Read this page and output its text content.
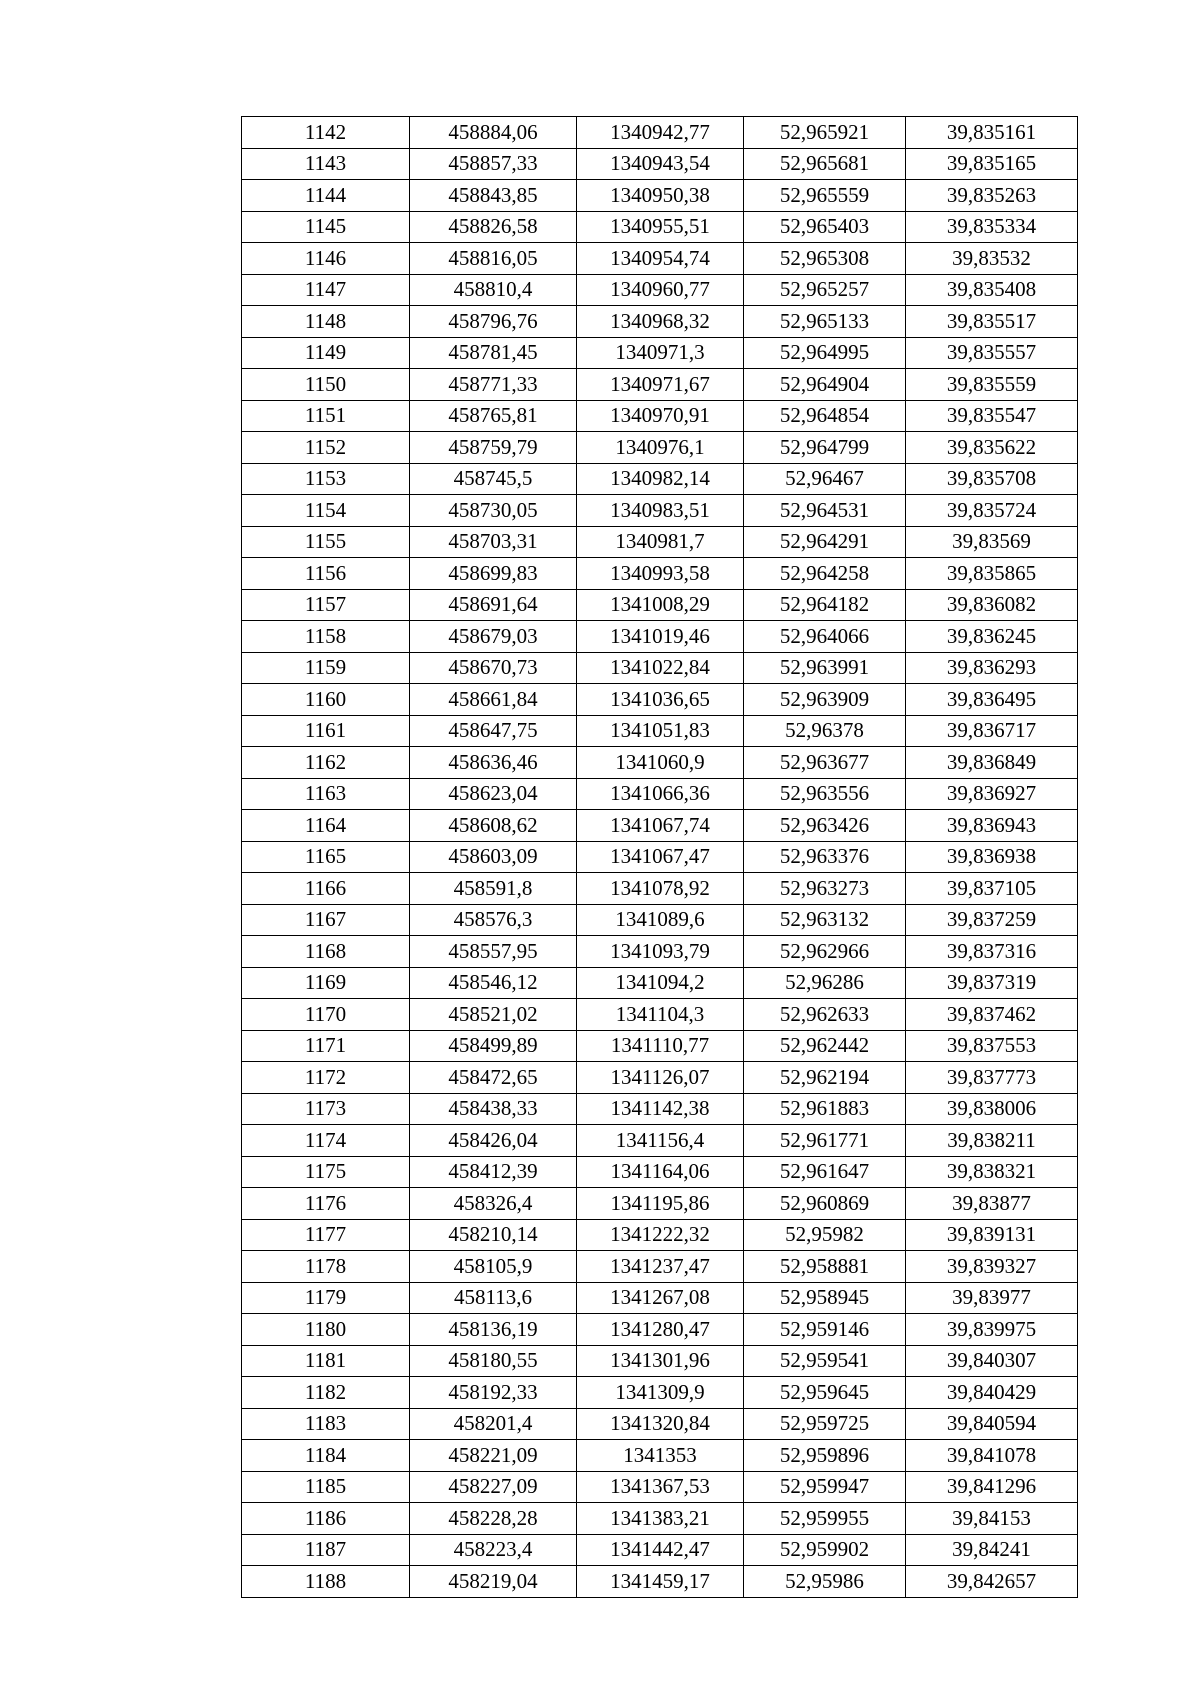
1142	458884,06	1340942,77	52,965921	39,835161
1143	458857,33	1340943,54	52,965681	39,835165
1144	458843,85	1340950,38	52,965559	39,835263
1145	458826,58	1340955,51	52,965403	39,835334
1146	458816,05	1340954,74	52,965308	39,83532
1147	458810,4	1340960,77	52,965257	39,835408
1148	458796,76	1340968,32	52,965133	39,835517
1149	458781,45	1340971,3	52,964995	39,835557
1150	458771,33	1340971,67	52,964904	39,835559
1151	458765,81	1340970,91	52,964854	39,835547
1152	458759,79	1340976,1	52,964799	39,835622
1153	458745,5	1340982,14	52,96467	39,835708
1154	458730,05	1340983,51	52,964531	39,835724
1155	458703,31	1340981,7	52,964291	39,83569
1156	458699,83	1340993,58	52,964258	39,835865
1157	458691,64	1341008,29	52,964182	39,836082
1158	458679,03	1341019,46	52,964066	39,836245
1159	458670,73	1341022,84	52,963991	39,836293
1160	458661,84	1341036,65	52,963909	39,836495
1161	458647,75	1341051,83	52,96378	39,836717
1162	458636,46	1341060,9	52,963677	39,836849
1163	458623,04	1341066,36	52,963556	39,836927
1164	458608,62	1341067,74	52,963426	39,836943
1165	458603,09	1341067,47	52,963376	39,836938
1166	458591,8	1341078,92	52,963273	39,837105
1167	458576,3	1341089,6	52,963132	39,837259
1168	458557,95	1341093,79	52,962966	39,837316
1169	458546,12	1341094,2	52,96286	39,837319
1170	458521,02	1341104,3	52,962633	39,837462
1171	458499,89	1341110,77	52,962442	39,837553
1172	458472,65	1341126,07	52,962194	39,837773
1173	458438,33	1341142,38	52,961883	39,838006
1174	458426,04	1341156,4	52,961771	39,838211
1175	458412,39	1341164,06	52,961647	39,838321
1176	458326,4	1341195,86	52,960869	39,83877
1177	458210,14	1341222,32	52,95982	39,839131
1178	458105,9	1341237,47	52,958881	39,839327
1179	458113,6	1341267,08	52,958945	39,83977
1180	458136,19	1341280,47	52,959146	39,839975
1181	458180,55	1341301,96	52,959541	39,840307
1182	458192,33	1341309,9	52,959645	39,840429
1183	458201,4	1341320,84	52,959725	39,840594
1184	458221,09	1341353	52,959896	39,841078
1185	458227,09	1341367,53	52,959947	39,841296
1186	458228,28	1341383,21	52,959955	39,84153
1187	458223,4	1341442,47	52,959902	39,84241
1188	458219,04	1341459,17	52,95986	39,842657
